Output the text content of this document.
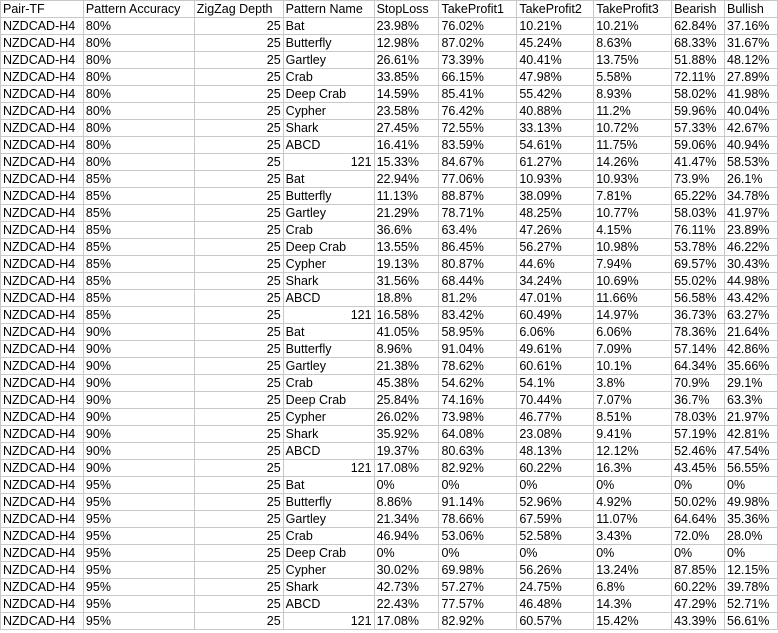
Pair-TF	Pattern Accuracy	ZigZag Depth	Pattern Name	StopLoss	TakeProfit1	TakeProfit2	TakeProfit3	Bearish	Bullish
NZDCAD-H4	80%	25	Bat	23.98%	76.02%	10.21%	10.21%	62.84%	37.16%
NZDCAD-H4	80%	25	Butterfly	12.98%	87.02%	45.24%	8.63%	68.33%	31.67%
NZDCAD-H4	80%	25	Gartley	26.61%	73.39%	40.41%	13.75%	51.88%	48.12%
NZDCAD-H4	80%	25	Crab	33.85%	66.15%	47.98%	5.58%	72.11%	27.89%
NZDCAD-H4	80%	25	Deep Crab	14.59%	85.41%	55.42%	8.93%	58.02%	41.98%
NZDCAD-H4	80%	25	Cypher	23.58%	76.42%	40.88%	11.2%	59.96%	40.04%
NZDCAD-H4	80%	25	Shark	27.45%	72.55%	33.13%	10.72%	57.33%	42.67%
NZDCAD-H4	80%	25	ABCD	16.41%	83.59%	54.61%	11.75%	59.06%	40.94%
NZDCAD-H4	80%	25	121	15.33%	84.67%	61.27%	14.26%	41.47%	58.53%
NZDCAD-H4	85%	25	Bat	22.94%	77.06%	10.93%	10.93%	73.9%	26.1%
NZDCAD-H4	85%	25	Butterfly	11.13%	88.87%	38.09%	7.81%	65.22%	34.78%
NZDCAD-H4	85%	25	Gartley	21.29%	78.71%	48.25%	10.77%	58.03%	41.97%
NZDCAD-H4	85%	25	Crab	36.6%	63.4%	47.26%	4.15%	76.11%	23.89%
NZDCAD-H4	85%	25	Deep Crab	13.55%	86.45%	56.27%	10.98%	53.78%	46.22%
NZDCAD-H4	85%	25	Cypher	19.13%	80.87%	44.6%	7.94%	69.57%	30.43%
NZDCAD-H4	85%	25	Shark	31.56%	68.44%	34.24%	10.69%	55.02%	44.98%
NZDCAD-H4	85%	25	ABCD	18.8%	81.2%	47.01%	11.66%	56.58%	43.42%
NZDCAD-H4	85%	25	121	16.58%	83.42%	60.49%	14.97%	36.73%	63.27%
NZDCAD-H4	90%	25	Bat	41.05%	58.95%	6.06%	6.06%	78.36%	21.64%
NZDCAD-H4	90%	25	Butterfly	8.96%	91.04%	49.61%	7.09%	57.14%	42.86%
NZDCAD-H4	90%	25	Gartley	21.38%	78.62%	60.61%	10.1%	64.34%	35.66%
NZDCAD-H4	90%	25	Crab	45.38%	54.62%	54.1%	3.8%	70.9%	29.1%
NZDCAD-H4	90%	25	Deep Crab	25.84%	74.16%	70.44%	7.07%	36.7%	63.3%
NZDCAD-H4	90%	25	Cypher	26.02%	73.98%	46.77%	8.51%	78.03%	21.97%
NZDCAD-H4	90%	25	Shark	35.92%	64.08%	23.08%	9.41%	57.19%	42.81%
NZDCAD-H4	90%	25	ABCD	19.37%	80.63%	48.13%	12.12%	52.46%	47.54%
NZDCAD-H4	90%	25	121	17.08%	82.92%	60.22%	16.3%	43.45%	56.55%
NZDCAD-H4	95%	25	Bat	0%	0%	0%	0%	0%	0%
NZDCAD-H4	95%	25	Butterfly	8.86%	91.14%	52.96%	4.92%	50.02%	49.98%
NZDCAD-H4	95%	25	Gartley	21.34%	78.66%	67.59%	11.07%	64.64%	35.36%
NZDCAD-H4	95%	25	Crab	46.94%	53.06%	52.58%	3.43%	72.0%	28.0%
NZDCAD-H4	95%	25	Deep Crab	0%	0%	0%	0%	0%	0%
NZDCAD-H4	95%	25	Cypher	30.02%	69.98%	56.26%	13.24%	87.85%	12.15%
NZDCAD-H4	95%	25	Shark	42.73%	57.27%	24.75%	6.8%	60.22%	39.78%
NZDCAD-H4	95%	25	ABCD	22.43%	77.57%	46.48%	14.3%	47.29%	52.71%
NZDCAD-H4	95%	25	121	17.08%	82.92%	60.57%	15.42%	43.39%	56.61%
